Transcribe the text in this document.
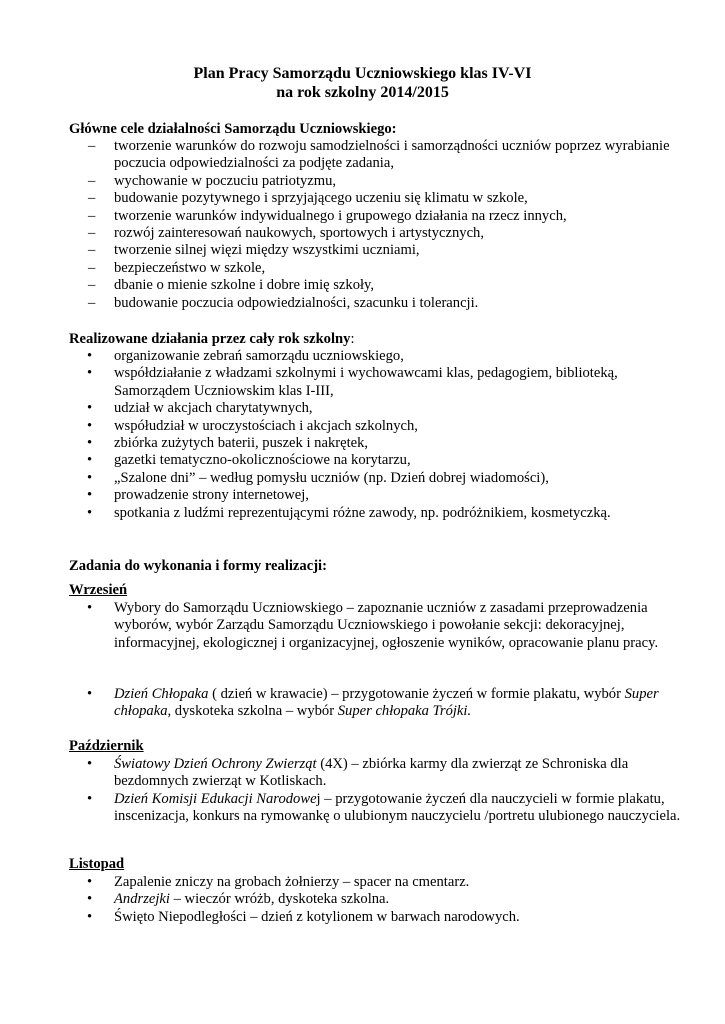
Plan Pracy Samorządu Uczniowskiego klas IV-VI
na rok szkolny 2014/2015
Główne cele działalności Samorządu Uczniowskiego:
–	tworzenie warunków do rozwoju samodzielności i samorządności uczniów poprzez wyrabianie poczucia odpowiedzialności za podjęte zadania,
–	wychowanie w poczuciu patriotyzmu,
–	budowanie pozytywnego i sprzyjającego uczeniu się klimatu w szkole,
–	tworzenie warunków indywidualnego i grupowego działania na rzecz innych,
–	rozwój zainteresowań naukowych, sportowych i artystycznych,
–	tworzenie silnej więzi między wszystkimi uczniami,
–	bezpieczeństwo w szkole,
–	dbanie o mienie szkolne i dobre imię szkoły,
–	budowanie poczucia odpowiedzialności, szacunku i tolerancji.
Realizowane działania przez cały rok szkolny:
•	organizowanie zebrań samorządu uczniowskiego,
•	współdziałanie z władzami szkolnymi i wychowawcami klas, pedagogiem, biblioteką, Samorządem Uczniowskim klas I-III,
•	udział w akcjach charytatywnych,
•	współudział w uroczystościach i akcjach szkolnych,
•	zbiórka zużytych baterii, puszek i nakrętek,
•	gazetki tematyczno-okolicznościowe na korytarzu,
•	„Szalone dni” – według pomysłu uczniów (np. Dzień dobrej wiadomości),
•	prowadzenie strony internetowej,
•	spotkania z ludźmi reprezentującymi różne zawody, np. podróżnikiem, kosmetyczką.
Zadania do wykonania i formy realizacji:
Wrzesień
•	Wybory do Samorządu Uczniowskiego – zapoznanie uczniów z zasadami przeprowadzenia wyborów, wybór Zarządu Samorządu Uczniowskiego i powołanie sekcji: dekoracyjnej, informacyjnej, ekologicznej i organizacyjnej, ogłoszenie wyników, opracowanie planu pracy.
•	Dzień Chłopaka ( dzień w krawacie) – przygotowanie życzeń w formie plakatu, wybór Super chłopaka, dyskoteka szkolna – wybór Super chłopaka Trójki.
Październik
•	Światowy Dzień Ochrony Zwierząt (4X) – zbiórka karmy dla zwierząt ze Schroniska dla bezdomnych zwierząt w Kotliskach.
•	Dzień Komisji Edukacji Narodowej – przygotowanie życzeń dla nauczycieli w formie plakatu, inscenizacja, konkurs na rymowankę o ulubionym nauczycielu /portretu ulubionego nauczyciela.
Listopad
•	Zapalenie zniczy na grobach żołnierzy – spacer na cmentarz.
•	Andrzejki – wieczór wróżb, dyskoteka szkolna.
•	Święto Niepodległości – dzień z kotylionem w barwach narodowych.
